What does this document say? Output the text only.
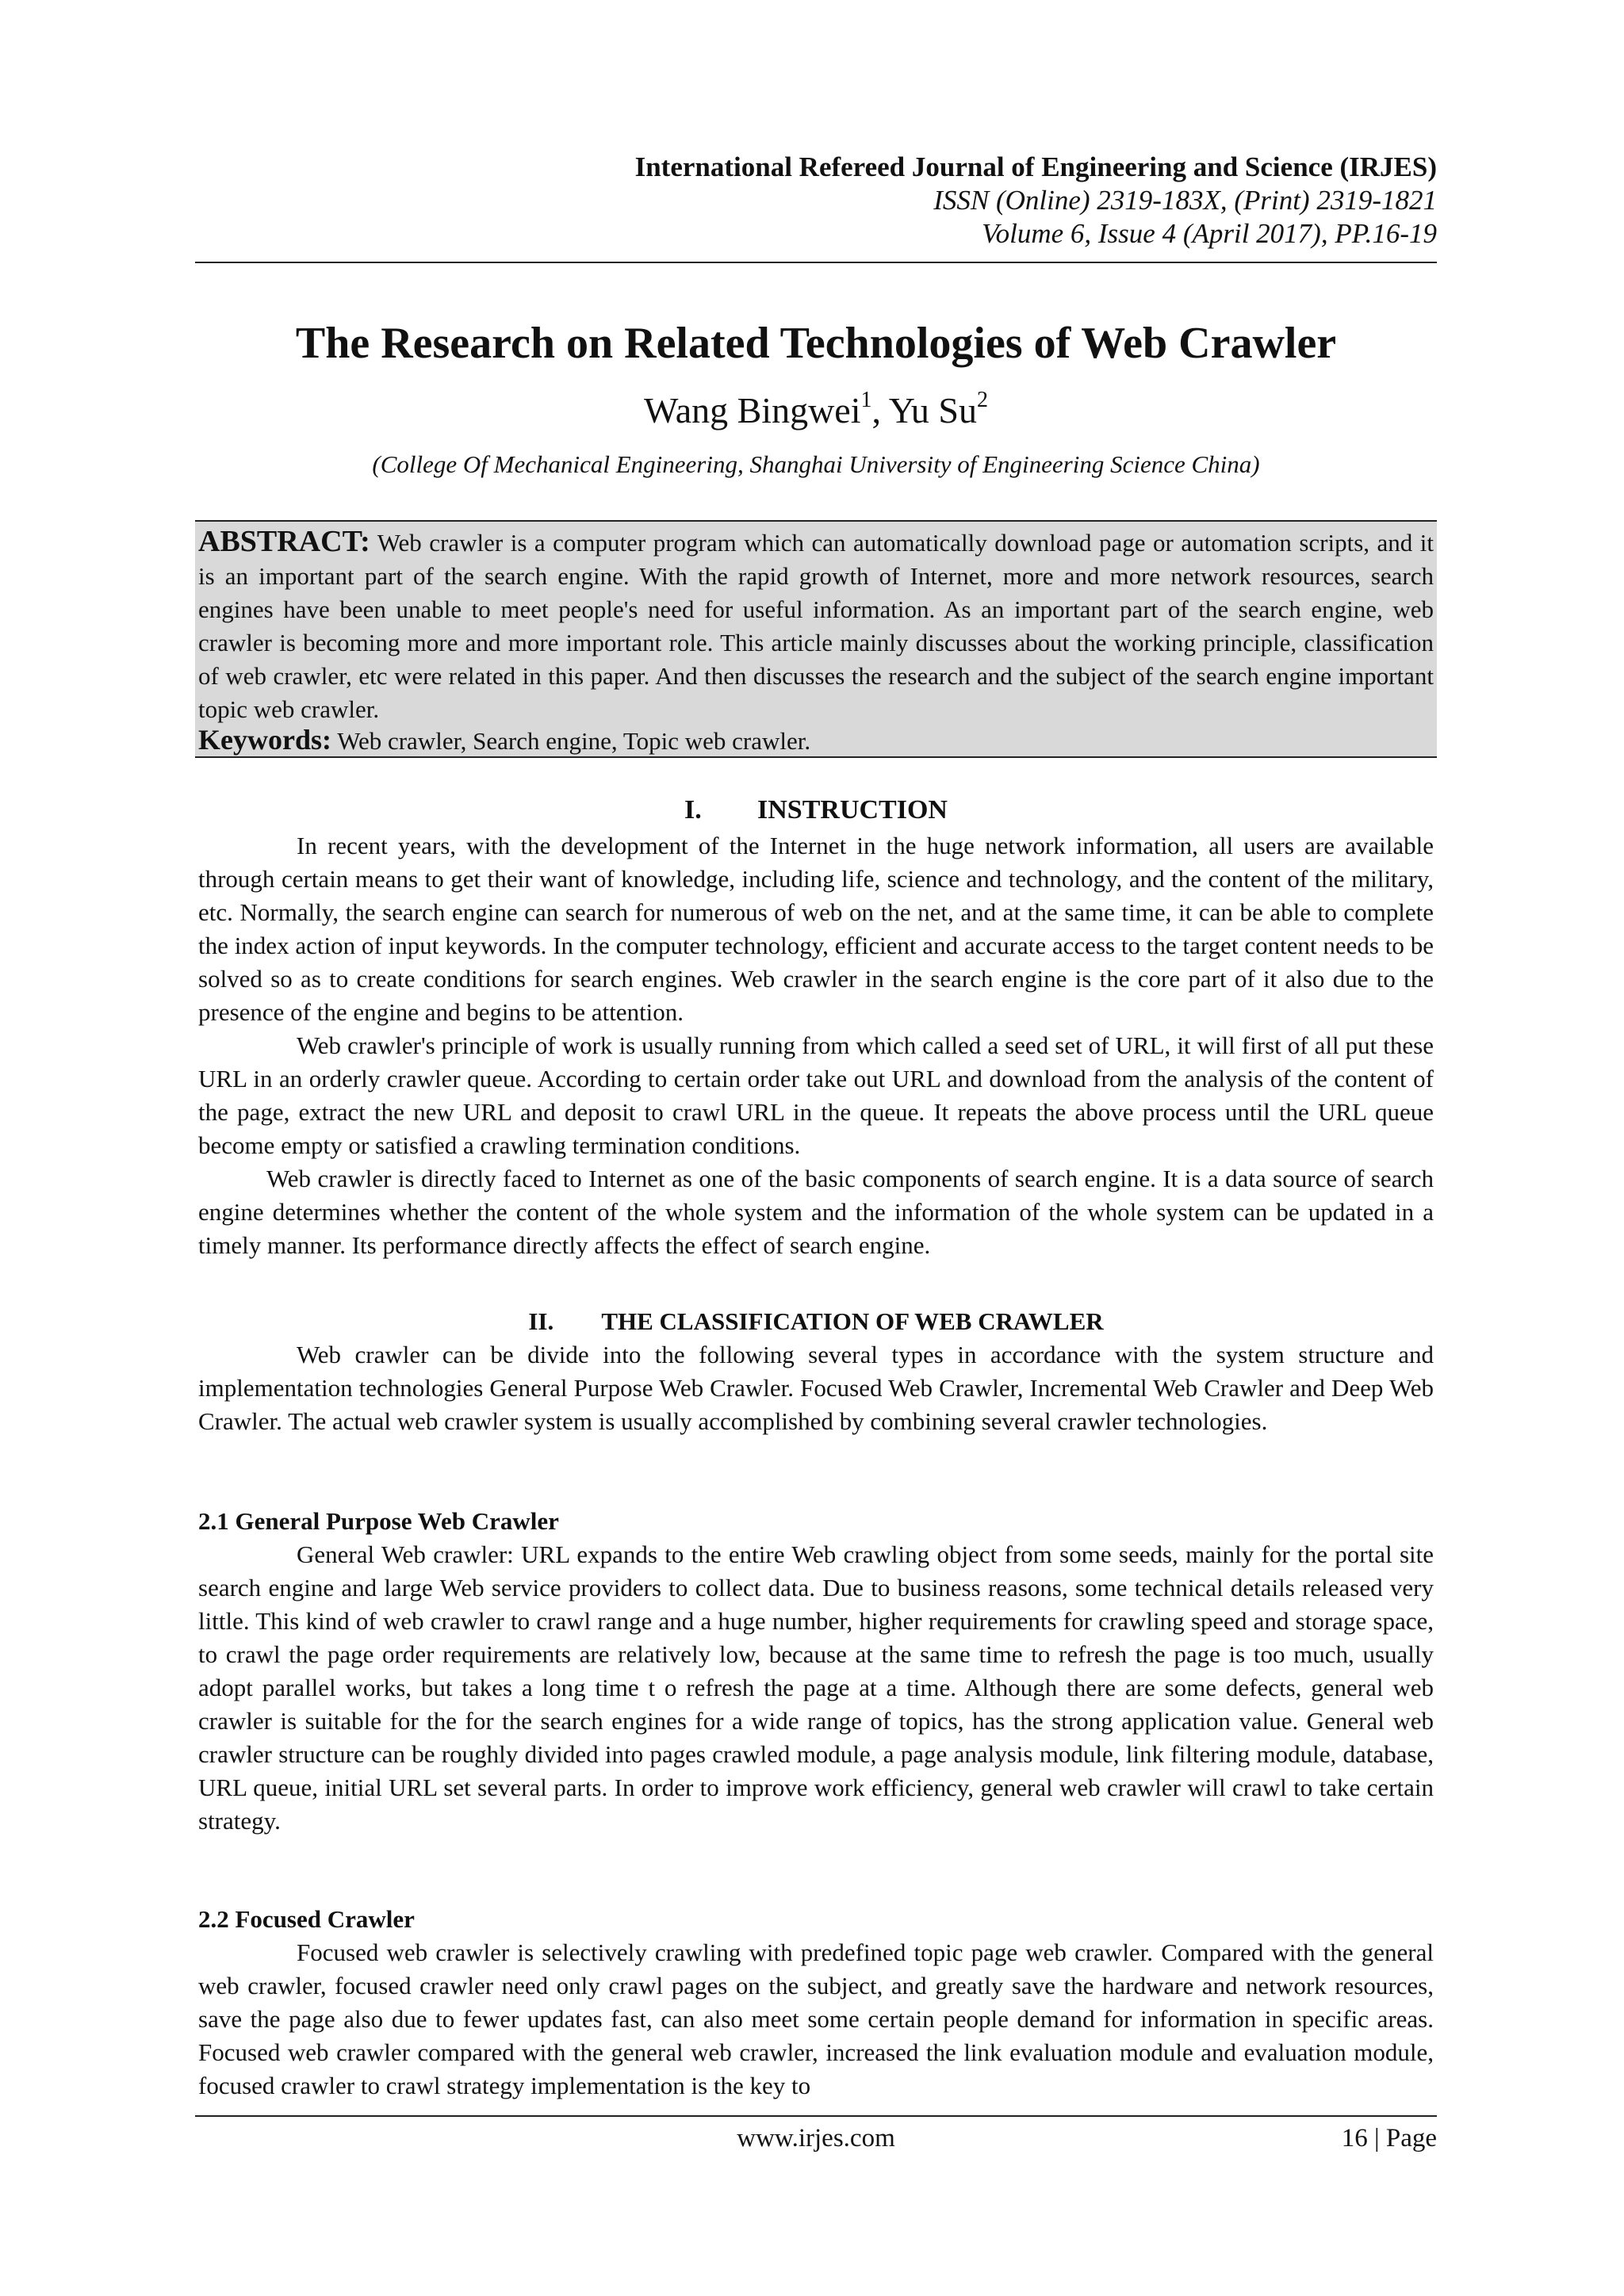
International Refereed Journal of Engineering and Science (IRJES)
ISSN (Online) 2319-183X, (Print) 2319-1821
Volume 6, Issue 4 (April 2017), PP.16-19
The Research on Related Technologies of Web Crawler
Wang Bingwei$^1$, Yu Su$^2$
(College Of Mechanical Engineering, Shanghai University of Engineering Science China)
ABSTRACT: Web crawler is a computer program which can automatically download page or automation scripts, and it is an important part of the search engine. With the rapid growth of Internet, more and more network resources, search engines have been unable to meet people's need for useful information. As an important part of the search engine, web crawler is becoming more and more important role. This article mainly discusses about the working principle, classification of web crawler, etc were related in this paper. And then discusses the research and the subject of the search engine important topic web crawler.
Keywords: Web crawler, Search engine, Topic web crawler.
I. INSTRUCTION
In recent years, with the development of the Internet in the huge network information, all users are available through certain means to get their want of knowledge, including life, science and technology, and the content of the military, etc. Normally, the search engine can search for numerous of web on the net, and at the same time, it can be able to complete the index action of input keywords. In the computer technology, efficient and accurate access to the target content needs to be solved so as to create conditions for search engines. Web crawler in the search engine is the core part of it also due to the presence of the engine and begins to be attention.
Web crawler's principle of work is usually running from which called a seed set of URL, it will first of all put these URL in an orderly crawler queue. According to certain order take out URL and download from the analysis of the content of the page, extract the new URL and deposit to crawl URL in the queue. It repeats the above process until the URL queue become empty or satisfied a crawling termination conditions.
Web crawler is directly faced to Internet as one of the basic components of search engine. It is a data source of search engine determines whether the content of the whole system and the information of the whole system can be updated in a timely manner. Its performance directly affects the effect of search engine.
II. THE CLASSIFICATION OF WEB CRAWLER
Web crawler can be divide into the following several types in accordance with the system structure and implementation technologies General Purpose Web Crawler. Focused Web Crawler, Incremental Web Crawler and Deep Web Crawler. The actual web crawler system is usually accomplished by combining several crawler technologies.
2.1 General Purpose Web Crawler
General Web crawler: URL expands to the entire Web crawling object from some seeds, mainly for the portal site search engine and large Web service providers to collect data. Due to business reasons, some technical details released very little. This kind of web crawler to crawl range and a huge number, higher requirements for crawling speed and storage space, to crawl the page order requirements are relatively low, because at the same time to refresh the page is too much, usually adopt parallel works, but takes a long time t o refresh the page at a time. Although there are some defects, general web crawler is suitable for the for the search engines for a wide range of topics, has the strong application value. General web crawler structure can be roughly divided into pages crawled module, a page analysis module, link filtering module, database, URL queue, initial URL set several parts. In order to improve work efficiency, general web crawler will crawl to take certain strategy.
2.2 Focused Crawler
Focused web crawler is selectively crawling with predefined topic page web crawler. Compared with the general web crawler, focused crawler need only crawl pages on the subject, and greatly save the hardware and network resources, save the page also due to fewer updates fast, can also meet some certain people demand for information in specific areas. Focused web crawler compared with the general web crawler, increased the link evaluation module and evaluation module, focused crawler to crawl strategy implementation is the key to
www.irjes.com	16 | Page
